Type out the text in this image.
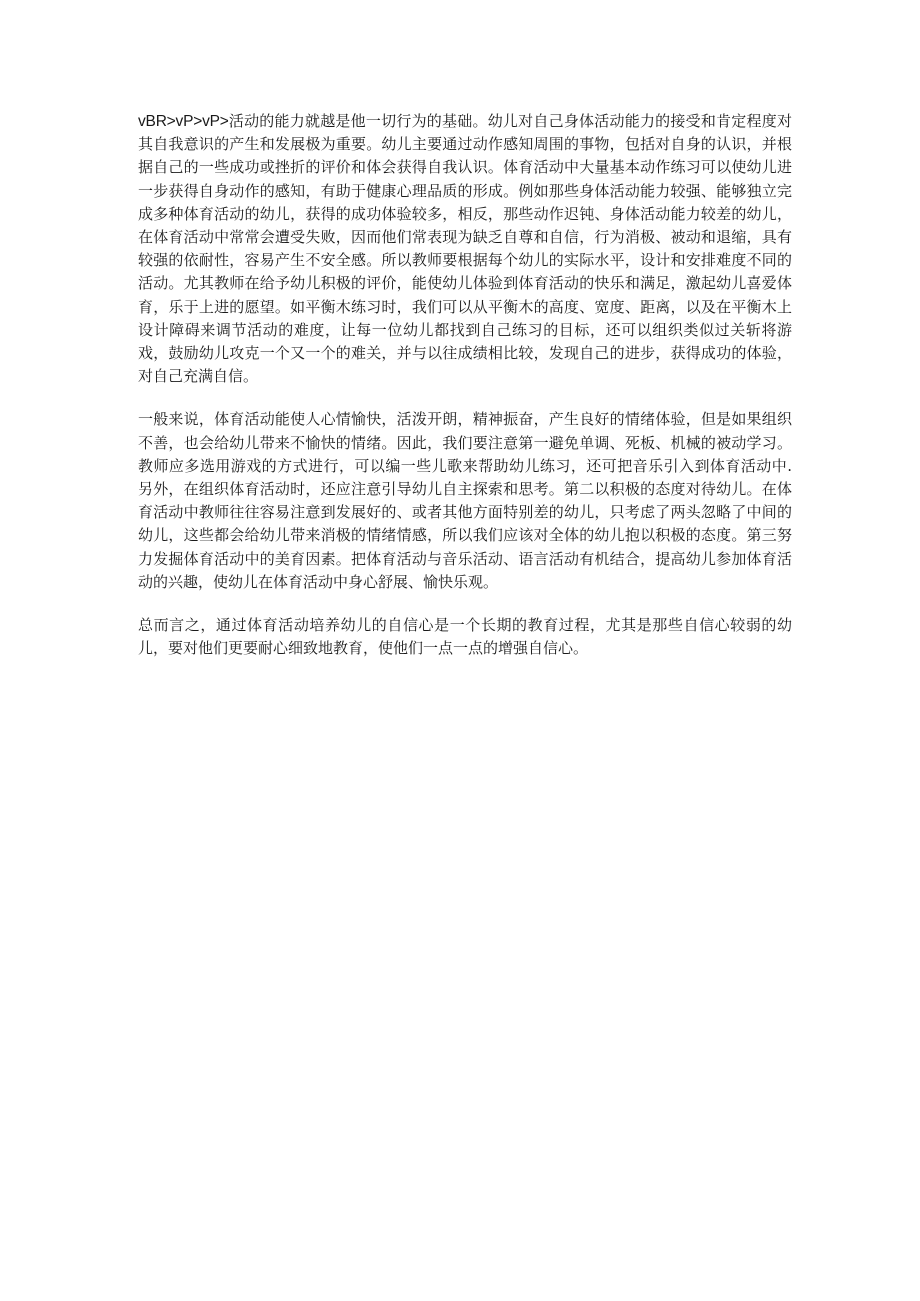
vBR>vP>vP>活动的能力就越是他一切行为的基础。幼儿对自己身体活动能力的接受和肯定程度对其自我意识的产生和发展极为重要。幼儿主要通过动作感知周围的事物，包括对自身的认识，并根据自己的一些成功或挫折的评价和体会获得自我认识。体育活动中大量基本动作练习可以使幼儿进一步获得自身动作的感知，有助于健康心理品质的形成。例如那些身体活动能力较强、能够独立完成多种体育活动的幼儿，获得的成功体验较多，相反，那些动作迟钝、身体活动能力较差的幼儿，在体育活动中常常会遭受失败，因而他们常表现为缺乏自尊和自信，行为消极、被动和退缩，具有较强的依耐性，容易产生不安全感。所以教师要根据每个幼儿的实际水平，设计和安排难度不同的活动。尤其教师在给予幼儿积极的评价，能使幼儿体验到体育活动的快乐和满足，激起幼儿喜爱体育，乐于上进的愿望。如平衡木练习时，我们可以从平衡木的高度、宽度、距离，以及在平衡木上设计障碍来调节活动的难度，让每一位幼儿都找到自己练习的目标，还可以组织类似过关斩将游戏，鼓励幼儿攻克一个又一个的难关，并与以往成绩相比较，发现自己的进步，获得成功的体验，对自己充满自信。

一般来说，体育活动能使人心情愉快，活泼开朗，精神振奋，产生良好的情绪体验，但是如果组织不善，也会给幼儿带来不愉快的情绪。因此，我们要注意第一避免单调、死板、机械的被动学习。教师应多选用游戏的方式进行，可以编一些儿歌来帮助幼儿练习，还可把音乐引入到体育活动中. 另外，在组织体育活动时，还应注意引导幼儿自主探索和思考。第二以积极的态度对待幼儿。在体育活动中教师往往容易注意到发展好的、或者其他方面特别差的幼儿，只考虑了两头忽略了中间的幼儿，这些都会给幼儿带来消极的情绪情感，所以我们应该对全体的幼儿抱以积极的态度。第三努力发掘体育活动中的美育因素。把体育活动与音乐活动、语言活动有机结合，提高幼儿参加体育活动的兴趣，使幼儿在体育活动中身心舒展、愉快乐观。

总而言之，通过体育活动培养幼儿的自信心是一个长期的教育过程，尤其是那些自信心较弱的幼儿，要对他们更要耐心细致地教育，使他们一点一点的增强自信心。
